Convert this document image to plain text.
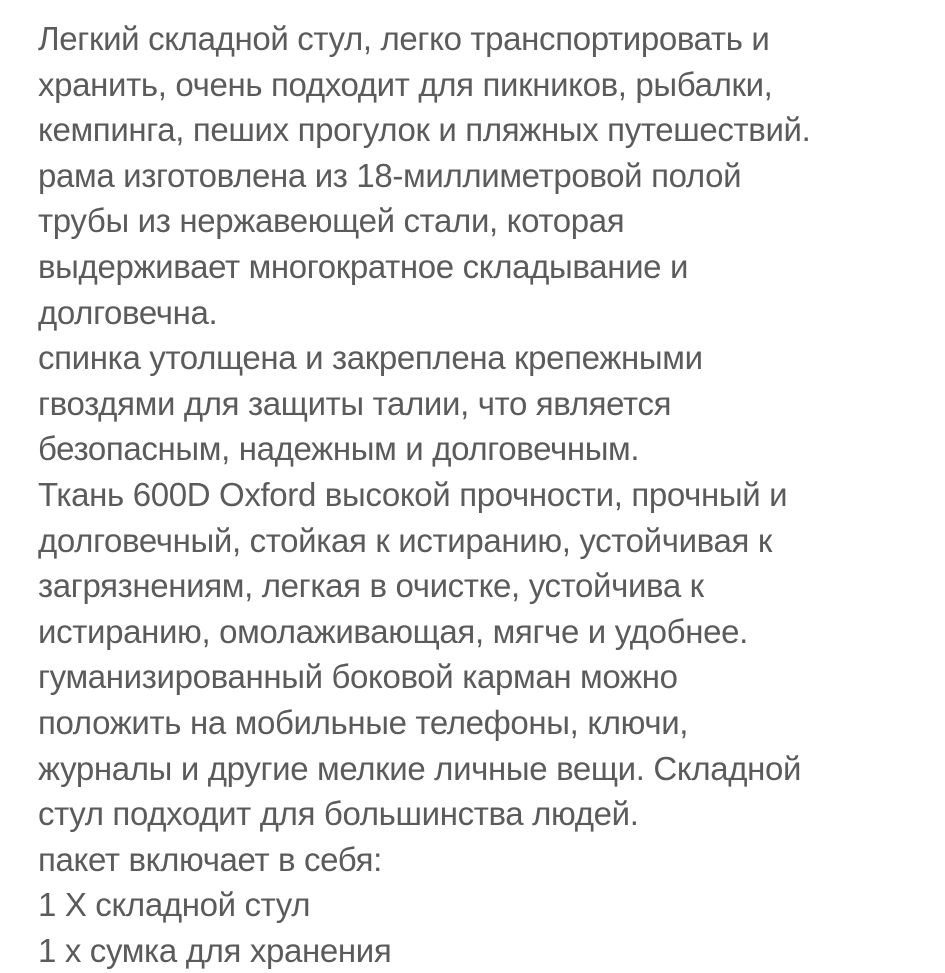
Легкий складной стул, легко транспортировать и
хранить, очень подходит для пикников, рыбалки,
кемпинга, пеших прогулок и пляжных путешествий.
рама изготовлена из 18-миллиметровой полой
трубы из нержавеющей стали, которая
выдерживает многократное складывание и
долговечна.
спинка утолщена и закреплена крепежными
гвоздями для защиты талии, что является
безопасным, надежным и долговечным.
Ткань 600D Oxford высокой прочности, прочный и
долговечный, стойкая к истиранию, устойчивая к
загрязнениям, легкая в очистке, устойчива к
истиранию, омолаживающая, мягче и удобнее.
гуманизированный боковой карман можно
положить на мобильные телефоны, ключи,
журналы и другие мелкие личные вещи. Складной
стул подходит для большинства людей.
пакет включает в себя:
1 X складной стул
1 х сумка для хранения
